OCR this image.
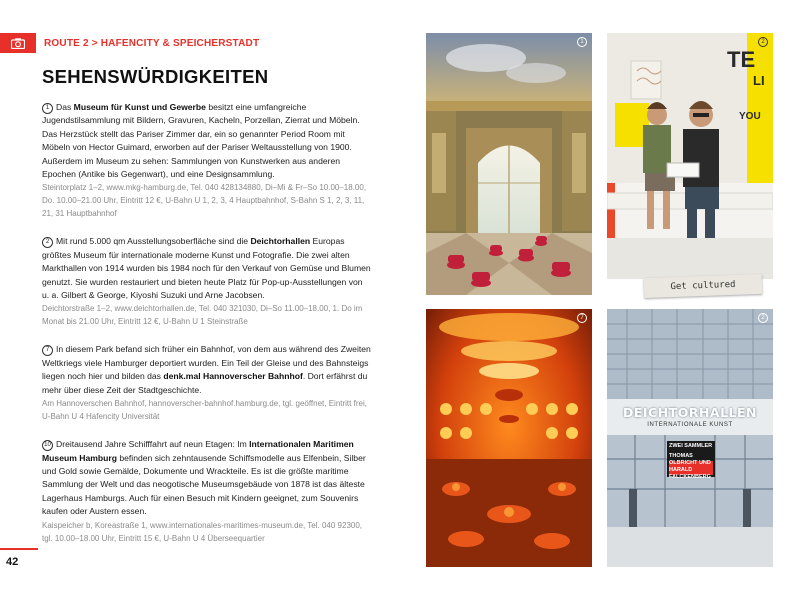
ROUTE 2 > HAFENCITY & SPEICHERSTADT
SEHENSWÜRDIGKEITEN

1 Das Museum für Kunst und Gewerbe besitzt eine umfangreiche Jugendstilsammlung mit Bildern, Gravuren, Kacheln, Porzellan, Zierrat und Möbeln. Das Herzstück stellt das Pariser Zimmer dar, ein so genannter Period Room mit Möbeln von Hector Guimard, erworben auf der Pariser Weltausstellung von 1900. Außerdem im Museum zu sehen: Sammlungen von Kunstwerken aus anderen Epochen (Antike bis Gegenwart), und eine Designsammlung.

Steintorplatz 1–2, www.mkg-hamburg.de, Tel. 040 428134880, Di–Mi & Fr–So 10.00–18.00, Do. 10.00–21.00 Uhr, Eintritt 12 €, U-Bahn U 1, 2, 3, 4 Hauptbahnhof, S-Bahn S 1, 2, 3, 11, 21, 31 Hauptbahnhof

2 Mit rund 5.000 qm Ausstellungsoberfläche sind die Deichtorhallen Europas größtes Museum für internationale moderne Kunst und Fotografie. Die zwei alten Markthallen von 1914 wurden bis 1984 noch für den Verkauf von Gemüse und Blumen genutzt. Sie wurden restauriert und bieten heute Platz für Pop-up-Ausstellungen von u. a. Gilbert & George, Kiyoshi Suzuki und Arne Jacobsen.

Deichtorstraße 1–2, www.deichtorhallen.de, Tel. 040 321030, Di–So 11.00–18.00, 1. Do im Monat bis 21.00 Uhr, Eintritt 12 €, U-Bahn U 1 Steinstraße

7 In diesem Park befand sich früher ein Bahnhof, von dem aus während des Zweiten Weltkriegs viele Hamburger deportiert wurden. Ein Teil der Gleise und des Bahnsteigs liegen noch hier und bilden das denk.mal Hannoverscher Bahnhof. Dort erfährst du mehr über diese Zeit der Stadtgeschichte.

Am Hannoverschen Bahnhof, hannoverscher-bahnhof.hamburg.de, tgl. geöffnet, Eintritt frei, U-Bahn U 4 Hafencity Universität

10 Dreitausend Jahre Schifffahrt auf neun Etagen: Im Internationalen Maritimen Museum Hamburg befinden sich zehntausende Schiffsmodelle aus Elfenbein, Silber und Gold sowie Gemälde, Dokumente und Wrackteile. Es ist die größte maritime Sammlung der Welt und das neogotische Museumsgebäude von 1878 ist das älteste Lagerhaus Hamburgs. Auch für einen Besuch mit Kindern geeignet, zum Souvenirs kaufen oder Austern essen.

Kaispeicher b, Koreastraße 1, www.internationales-maritimes-museum.de, Tel. 040 92300, tgl. 10.00–18.00 Uhr, Eintritt 15 €, U-Bahn U 4 Überseequartier

42
1
TE
LI
YOU
2
Get cultured
7
DEICHTORHALLEN
INTERNATIONALE KUNST
ZWEI SAMMLER
THOMAS OLBRICHT UND
HARALD FALCKENBERG
2
